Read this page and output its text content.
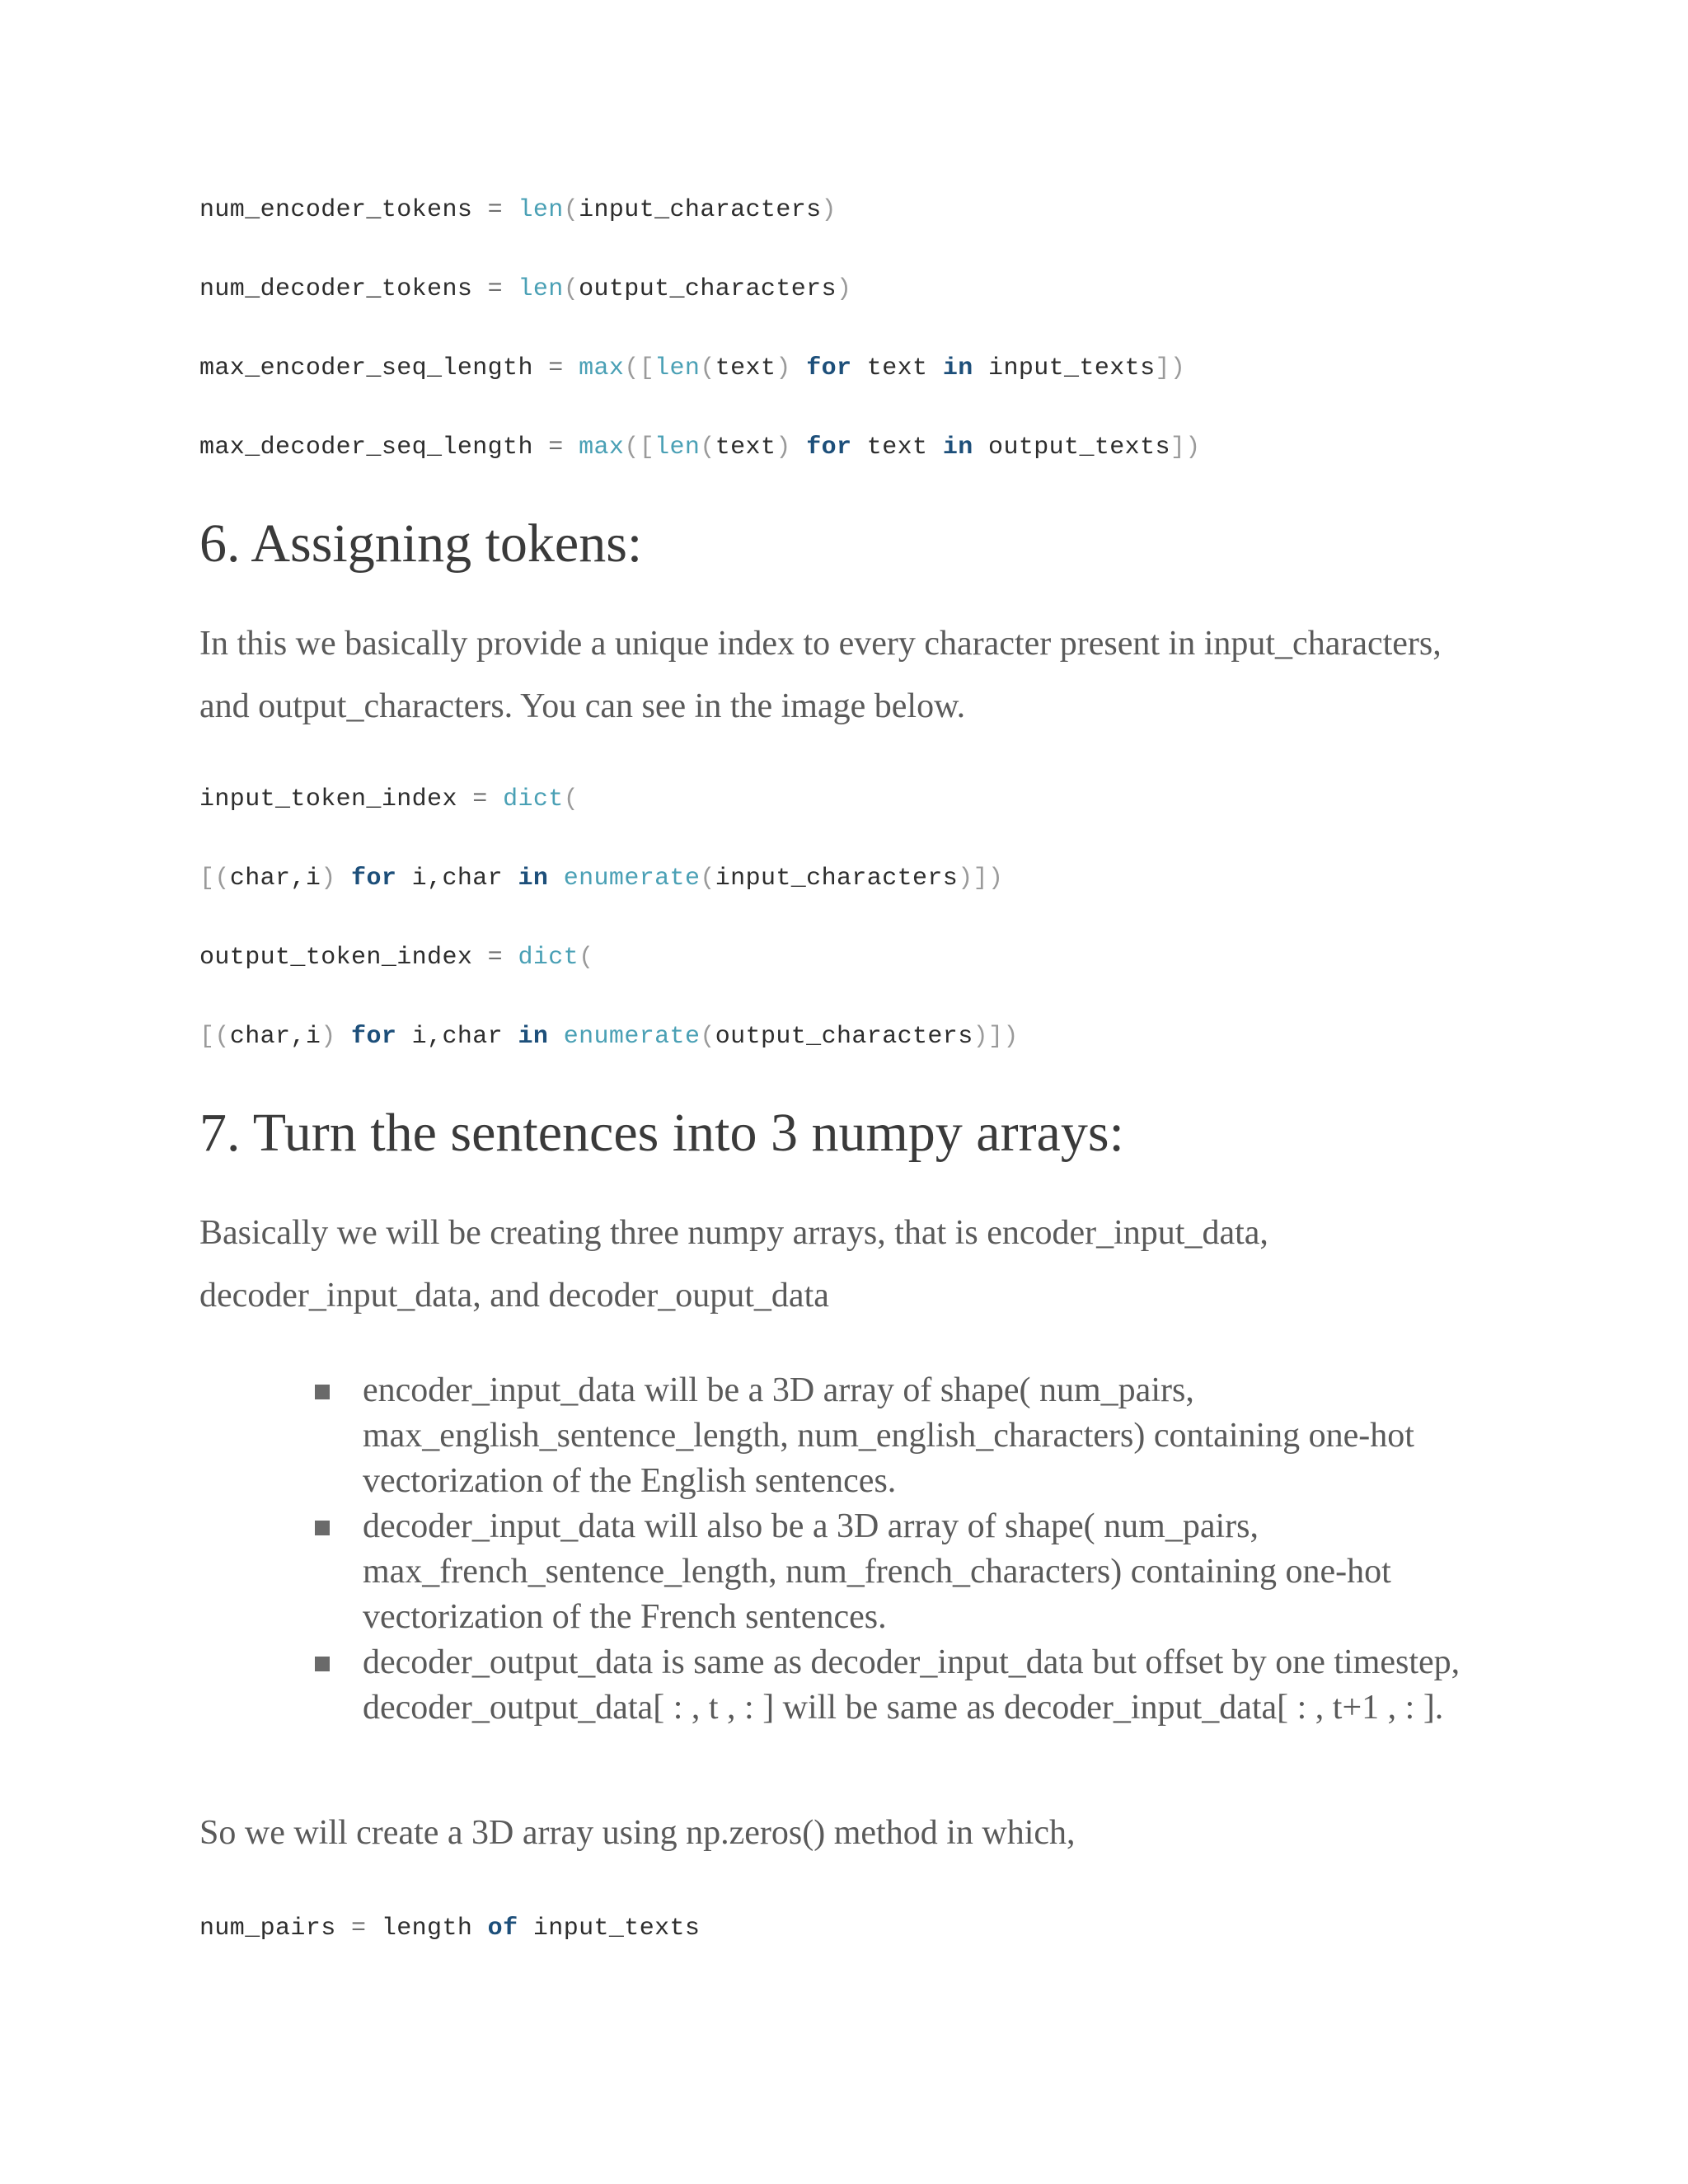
num_encoder_tokens = len(input_characters)
num_decoder_tokens = len(output_characters)
max_encoder_seq_length = max([len(text) for text in input_texts])
max_decoder_seq_length = max([len(text) for text in output_texts])
6. Assigning tokens:

In this we basically provide a unique index to every character present in input_characters, and output_characters. You can see in the image below.

input_token_index = dict(
[(char,i) for i,char in enumerate(input_characters)])
output_token_index = dict(
[(char,i) for i,char in enumerate(output_characters)])
7. Turn the sentences into 3 numpy arrays:

Basically we will be creating three numpy arrays, that is encoder_input_data, decoder_input_data, and decoder_ouput_data

encoder_input_data will be a 3D array of shape( num_pairs, max_english_sentence_length, num_english_characters) containing one-hot vectorization of the English sentences.
decoder_input_data will also be a 3D array of shape( num_pairs, max_french_sentence_length, num_french_characters) containing one-hot vectorization of the French sentences.
decoder_output_data is same as decoder_input_data but offset by one timestep, decoder_output_data[ : , t , : ] will be same as decoder_input_data[ : , t+1 , : ].

So we will create a 3D array using np.zeros() method in which,

num_pairs = length of input_texts
